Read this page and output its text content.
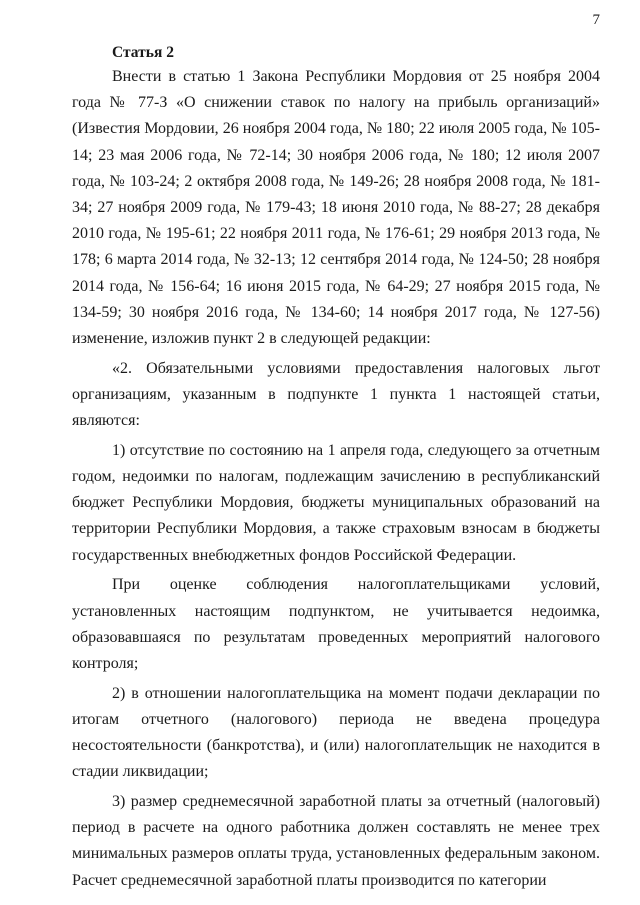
7
Статья 2

Внести в статью 1 Закона Республики Мордовия от 25 ноября 2004 года № 77-З «О снижении ставок по налогу на прибыль организаций» (Известия Мордовии, 26 ноября 2004 года, № 180; 22 июля 2005 года, № 105-14; 23 мая 2006 года, № 72-14; 30 ноября 2006 года, № 180; 12 июля 2007 года, № 103-24; 2 октября 2008 года, № 149-26; 28 ноября 2008 года, № 181-34; 27 ноября 2009 года, № 179-43; 18 июня 2010 года, № 88-27; 28 декабря 2010 года, № 195-61; 22 ноября 2011 года, № 176-61; 29 ноября 2013 года, № 178; 6 марта 2014 года, № 32-13; 12 сентября 2014 года, № 124-50; 28 ноября 2014 года, № 156-64; 16 июня 2015 года, № 64-29; 27 ноября 2015 года, № 134-59; 30 ноября 2016 года, № 134-60; 14 ноября 2017 года, № 127-56) изменение, изложив пункт 2 в следующей редакции:

«2. Обязательными условиями предоставления налоговых льгот организациям, указанным в подпункте 1 пункта 1 настоящей статьи, являются:

1) отсутствие по состоянию на 1 апреля года, следующего за отчетным годом, недоимки по налогам, подлежащим зачислению в республиканский бюджет Республики Мордовия, бюджеты муниципальных образований на территории Республики Мордовия, а также страховым взносам в бюджеты государственных внебюджетных фондов Российской Федерации.

При оценке соблюдения налогоплательщиками условий, установленных настоящим подпунктом, не учитывается недоимка, образовавшаяся по результатам проведенных мероприятий налогового контроля;

2) в отношении налогоплательщика на момент подачи декларации по итогам отчетного (налогового) периода не введена процедура несостоятельности (банкротства), и (или) налогоплательщик не находится в стадии ликвидации;

3) размер среднемесячной заработной платы за отчетный (налоговый) период в расчете на одного работника должен составлять не менее трех минимальных размеров оплаты труда, установленных федеральным законом. Расчет среднемесячной заработной платы производится по категории
